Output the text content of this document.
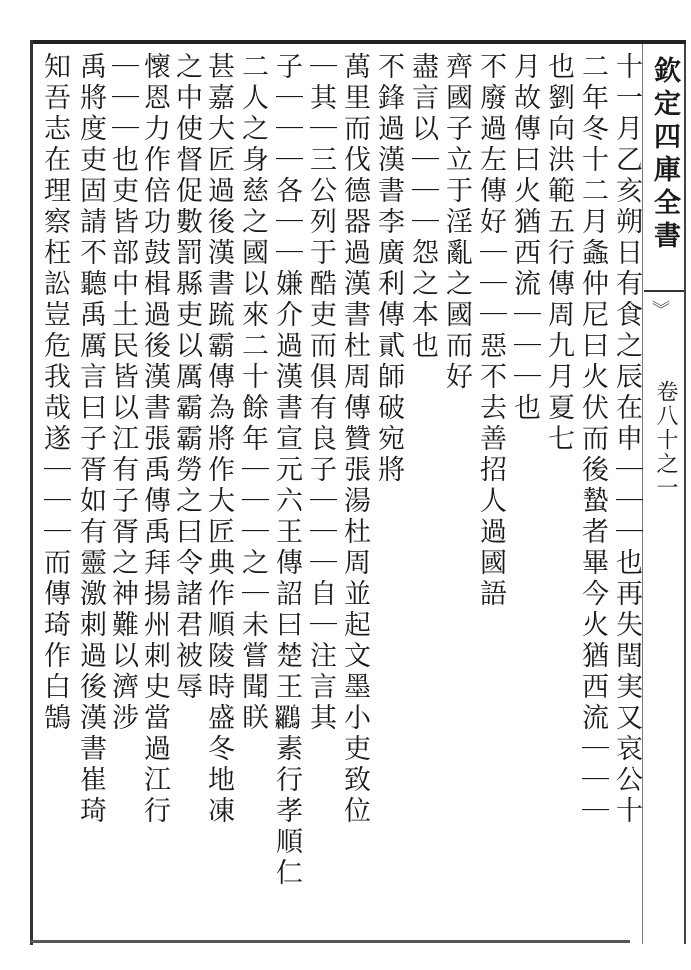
欽定四庫全書
︾
卷八十之一
十一月乙亥朔日有食之辰在申｜｜｜也再失閏実又哀公十
二年冬十二月螽仲尼曰火伏而後蟄者畢今火猶西流｜｜｜
也劉向洪範五行傳周九月夏七
月故傳曰火猶西流｜｜｜也
不廢過左傳好｜｜｜惡不去善招人過國語
齊國子立于淫亂之國而好
盡言以｜｜｜怨之本也
不鋒過漢書李廣利傳貳師破宛將
萬里而伐德器過漢書杜周傳贊張湯杜周並起文墨小吏致位
｜其｜三公列于酷吏而俱有良子｜｜｜自｜注言其
子｜｜｜各｜｜嫌介過漢書宣元六王傳詔曰楚王𪈰素行孝順仁
二人之身慈之國以來二十餘年｜｜｜之｜未嘗聞眹
甚嘉大匠過後漢書䟽霸傳為將作大匠典作順陵時盛冬地凍
之中使督促數罰縣吏以厲霸霸勞之曰令諸君被辱
懷恩力作倍功鼓楫過後漢書張禹傳禹拜揚州刺史當過江行
｜｜｜也吏皆部中土民皆以江有子胥之神難以濟涉
禹將度吏固請不聽禹厲言曰子胥如有靈激刺過後漢書崔琦
知吾志在理察枉訟豈危我哉遂｜｜｜而傳琦作白鵠
